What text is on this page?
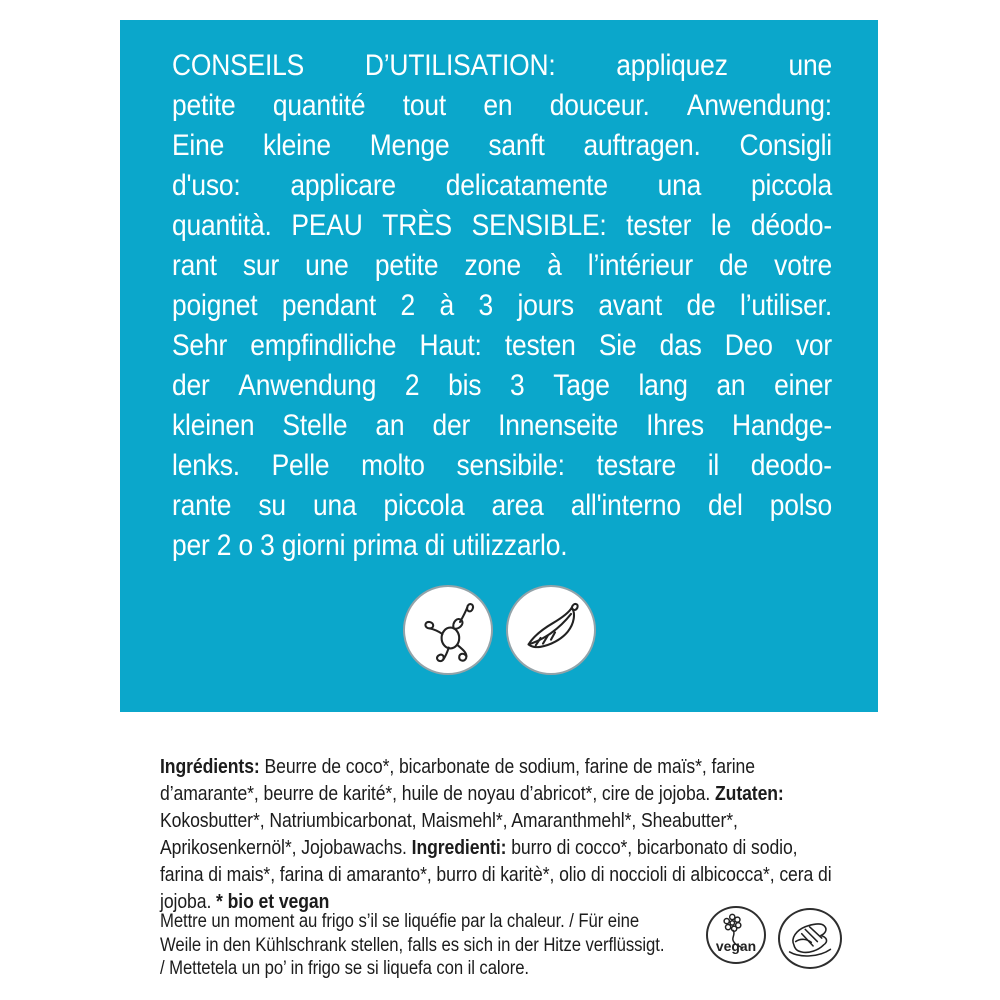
CONSEILS D’UTILISATION: appliquez une
petite quantité tout en douceur. Anwendung:
Eine kleine Menge sanft auftragen. Consigli
d'uso: applicare delicatamente una piccola
quantità. PEAU TRÈS SENSIBLE: tester le déodo-
rant sur une petite zone à l’intérieur de votre
poignet pendant 2 à 3 jours avant de l’utiliser.
Sehr empfindliche Haut: testen Sie das Deo vor
der Anwendung 2 bis 3 Tage lang an einer
kleinen Stelle an der Innenseite Ihres Handge-
lenks. Pelle molto sensibile: testare il deodo-
rante su una piccola area all'interno del polso
per 2 o 3 giorni prima di utilizzarlo.

Ingrédients: Beurre de coco*, bicarbonate de sodium, farine de maïs*, farine d’amarante*, beurre de karité*, huile de noyau d’abricot*, cire de jojoba. Zutaten: Kokosbutter*, Natriumbicarbonat, Maismehl*, Amaranthmehl*, Sheabutter*, Aprikosenkernöl*, Jojobawachs. Ingredienti: burro di cocco*, bicarbonato di sodio, farina di mais*, farina di amaranto*, burro di karitè*, olio di noccioli di albicocca*, cera di jojoba. * bio et vegan

Mettre un moment au frigo s’il se liquéfie par la chaleur. / Für eine Weile in den Kühlschrank stellen, falls es sich in der Hitze verflüssigt. / Mettetela un po’ in frigo se si liquefa con il calore.

vegan
